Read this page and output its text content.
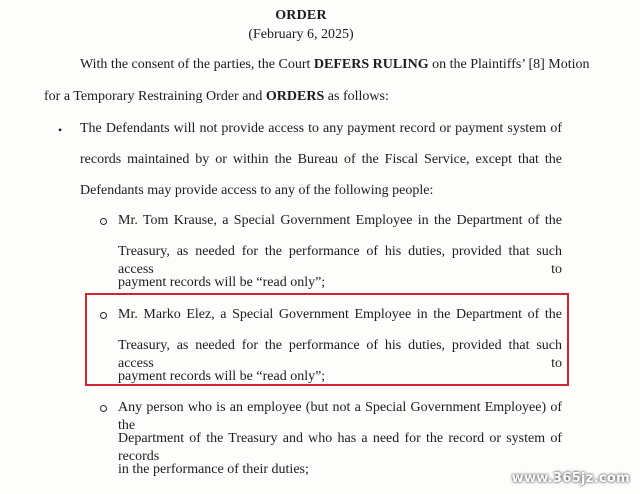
ORDER
(February 6, 2025)
With the consent of the parties, the Court DEFERS RULING on the Plaintiffs’ [8] Motion
for a Temporary Restraining Order and ORDERS as follows:
• The Defendants will not provide access to any payment record or payment system of
records maintained by or within the Bureau of the Fiscal Service, except that the
Defendants may provide access to any of the following people:
Mr. Tom Krause, a Special Government Employee in the Department of the
Treasury, as needed for the performance of his duties, provided that such access to
payment records will be “read only”;
Mr. Marko Elez, a Special Government Employee in the Department of the
Treasury, as needed for the performance of his duties, provided that such access to
payment records will be “read only”;
Any person who is an employee (but not a Special Government Employee) of the
Department of the Treasury and who has a need for the record or system of records
in the performance of their duties;
www.365jz.com
